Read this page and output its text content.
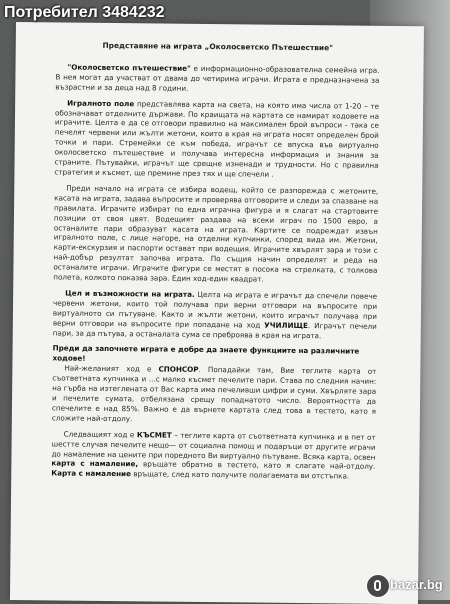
Представяне на играта „Околосветско Пътешествие"

"Околосветско пътешествие" е информационно-образователна семейна игра. В нея могат да участват от двама до четирима играчи. Играта е предназначена за възрастни и за деца над 8 години.

Игралното поле представлява карта на света, на която има числа от 1-20 – те обозначават отделните държави. По краищата на картата се намират ходовете на играчите. Целта е да се отговори правилно на максимален брой въпроси - така се печелят червени или жълти жетони, които в края на играта носят определен брой точки и пари. Стремейки се към победа, играчът се впуска във виртуално околосветско пътешествие и получава интересна информация и знания за страните. Пътувайки, играчът ще срещне изненади и трудности. Но с правилна стратегия и късмет, ще преминe през тях и ще спечели .

Преди начало на играта се избира водещ, който се разпорежда с жетоните, касата на играта, задава въпросите и проверява отговорите и следи за спазване на правилата. Играчите избират по една играчна фигура и я слагат на стартовите позиции от своя цвят. Водещият раздава на всеки играч по 1500 евро, а останалите пари образуват касата на играта. Картите се подреждат извън игралното поле, с лице нагоре, на отделни купчинки, според вида им. Жетони, карти-екскурзия и паспорти остават при водещия. Играчите хвърлят зара и този с най-добър резултат започва играта. По същия начин определят и реда на останалите играчи. Играчите фигури се местят в посока на стрелката, с толкова полета, колкото показва зара. Един ход-един квадрат.

Цел и възможности на играта. Целта на играта е играчът да спечели повече червени жетони, които той получава при верни отговори на въпросите при виртуалното си пътуване. Както и жълти жетони, които играчът получава при верни отговори на въпросите при попадане на ход УЧИЛИЩЕ. Играчът печели пари, за да пътува, а останалата сума се преброява в края на играта.

Преди да започнете играта е добре да знаете функциите на различните ходове!

Най-желаният ход е СПОНСОР. Попадайки там, Вие теглите карта от съответната купчинка и ...с малко късмет печелите пари. Става по следния начин: на гърба на изтеглената от Вас карта има печеливши цифри и суми. Хвърляте зара и печелите сумата, отбелязана срещу попаднатото число. Вероятността да спечелите е над 85%. Важно е да върнете картата след това в тестето, като я сложите най-отдолу.

Следващият ход е КЪСМЕТ – теглите карта от съответната купчинка и в пет от шестте случая печелите нещо— от социална помощ и подаръци от другите играчи до намаление на цените при поредното Ви виртуално пътуване. Всяка карта, освен карта с намаление, връщате обратно в тестето, като я слагате най-отдолу. Карта с намаление връщате, след като получите полагаемата ви отстъпка.

Потребител 3484232
bazar.bg
